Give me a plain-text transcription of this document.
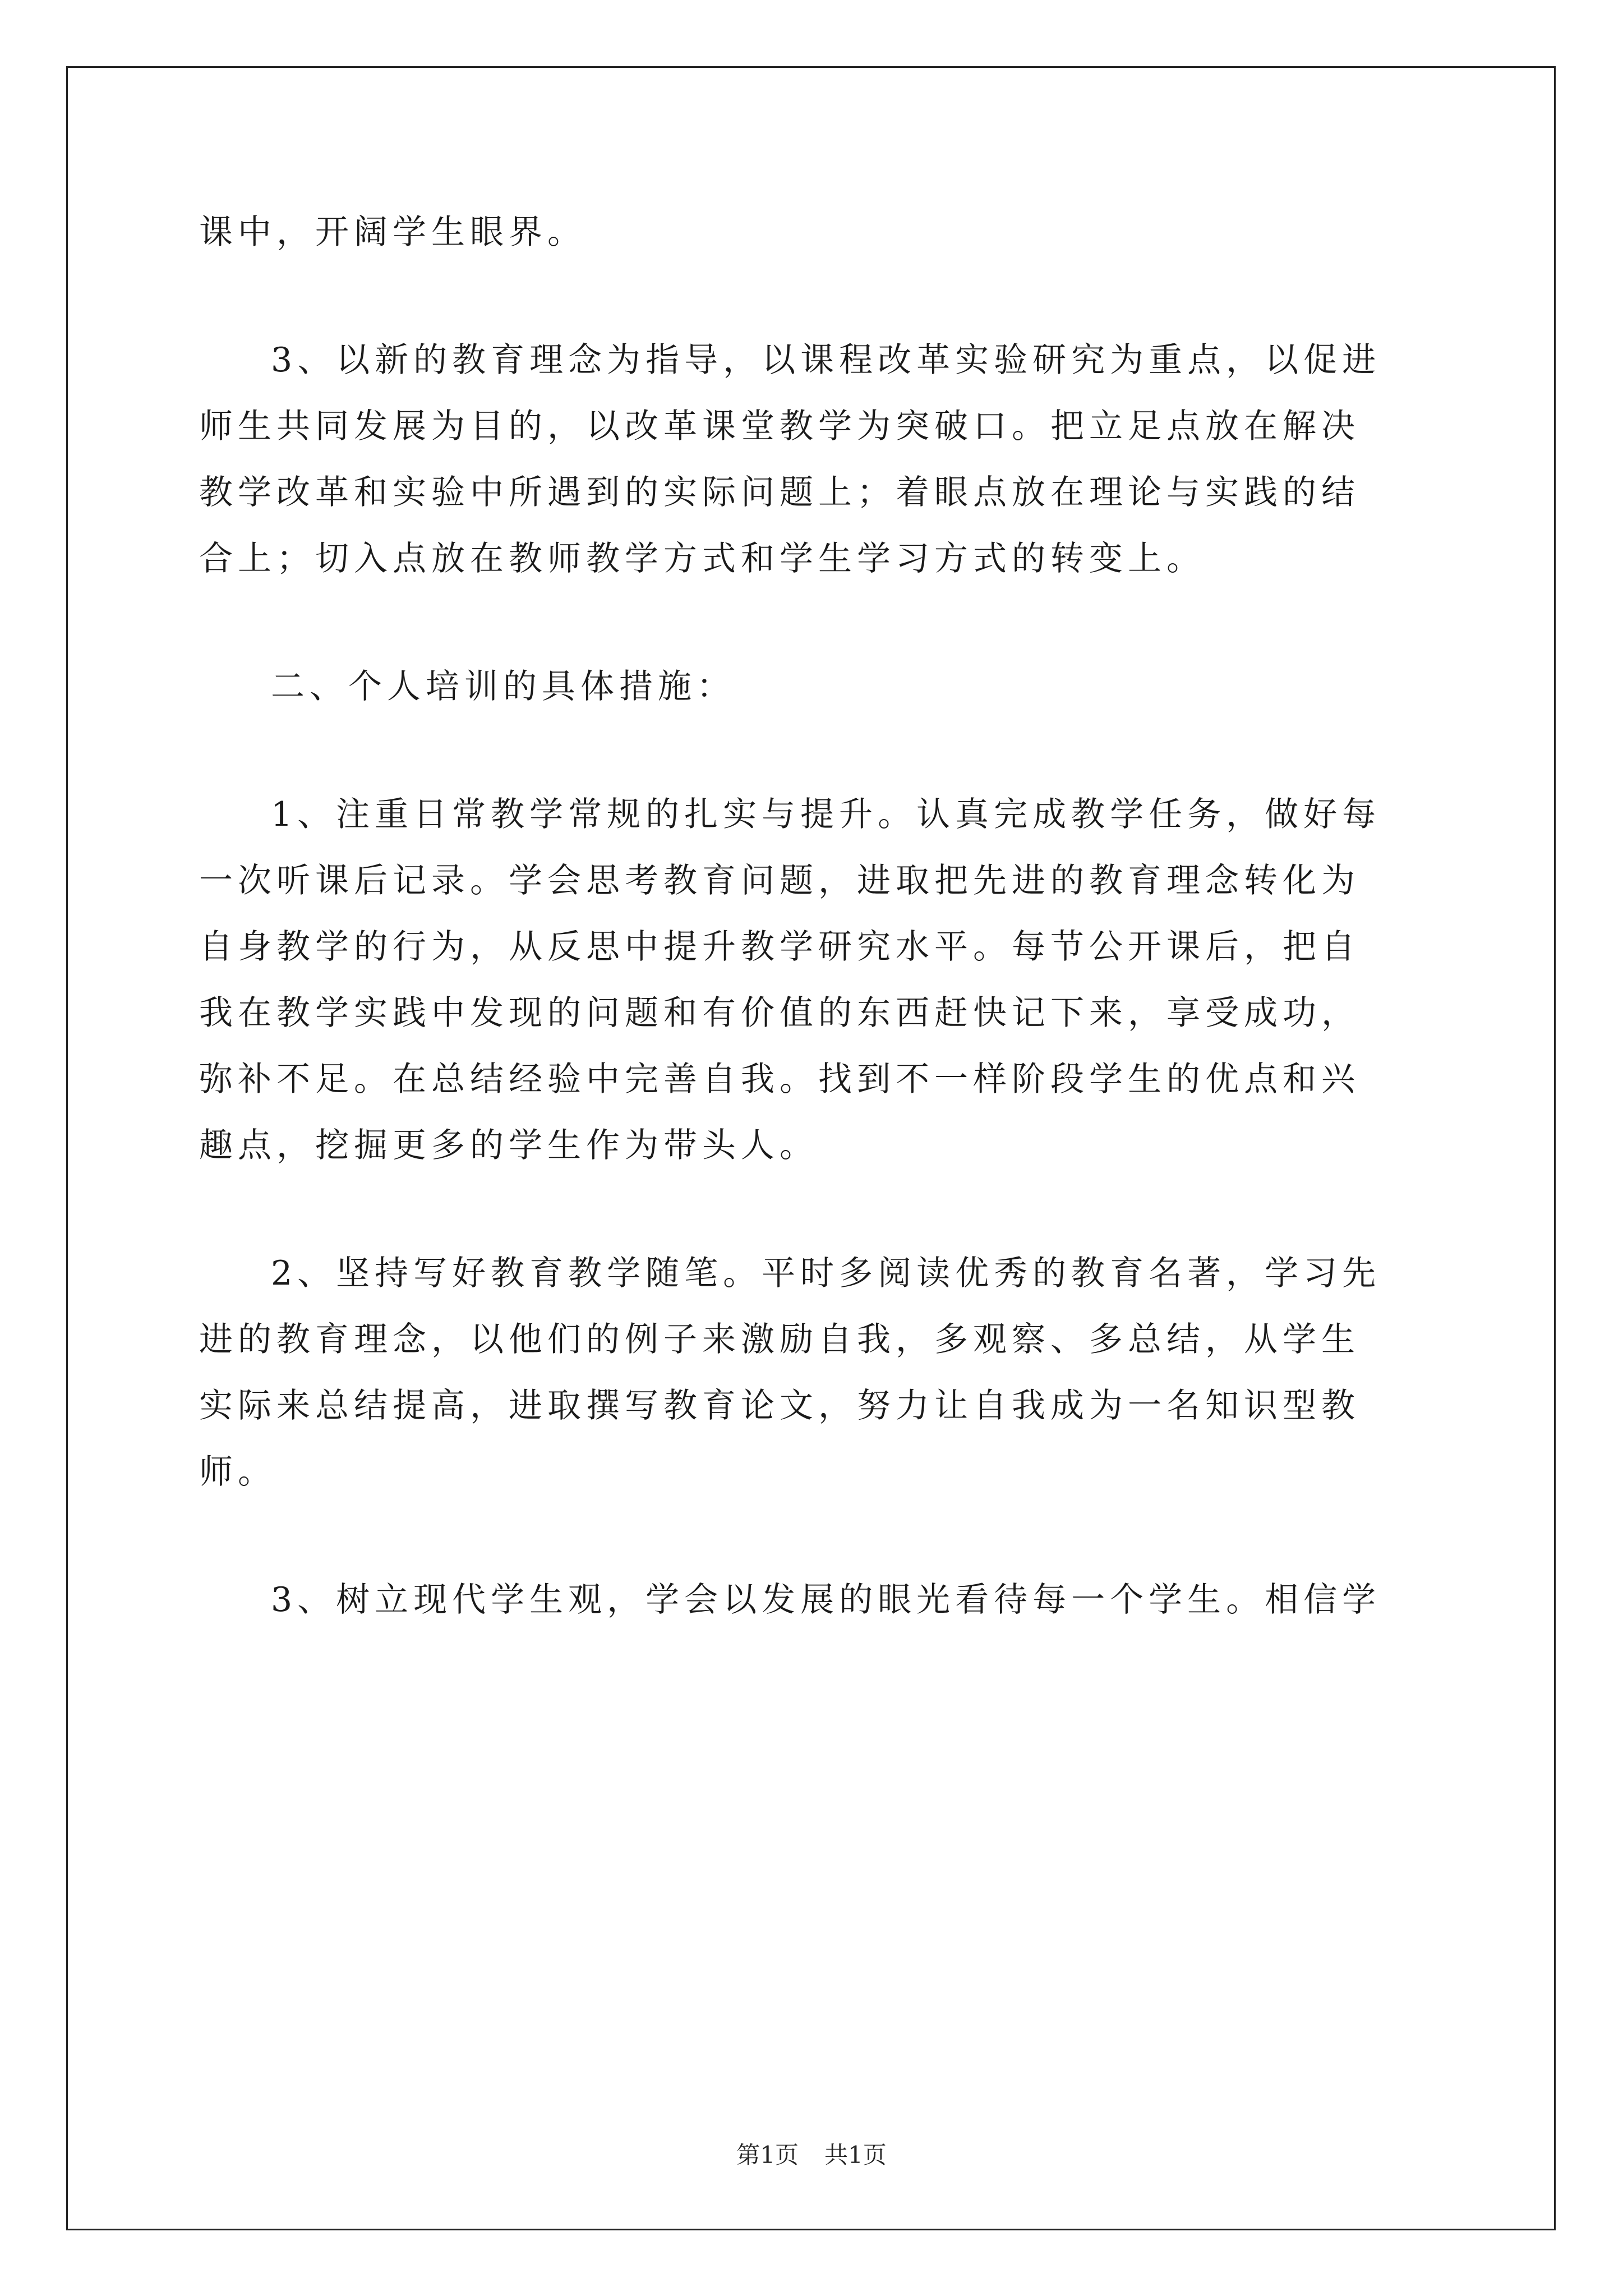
课中，开阔学生眼界。
3、以新的教育理念为指导，以课程改革实验研究为重点，以促进
师生共同发展为目的，以改革课堂教学为突破口。把立足点放在解决
教学改革和实验中所遇到的实际问题上；着眼点放在理论与实践的结
合上；切入点放在教师教学方式和学生学习方式的转变上。
二、个人培训的具体措施：
1、注重日常教学常规的扎实与提升。认真完成教学任务，做好每
一次听课后记录。学会思考教育问题，进取把先进的教育理念转化为
自身教学的行为，从反思中提升教学研究水平。每节公开课后，把自
我在教学实践中发现的问题和有价值的东西赶快记下来，享受成功，
弥补不足。在总结经验中完善自我。找到不一样阶段学生的优点和兴
趣点，挖掘更多的学生作为带头人。
2、坚持写好教育教学随笔。平时多阅读优秀的教育名著，学习先
进的教育理念，以他们的例子来激励自我，多观察、多总结，从学生
实际来总结提高，进取撰写教育论文，努力让自我成为一名知识型教
师。
3、树立现代学生观，学会以发展的眼光看待每一个学生。相信学
第1页 共1页
